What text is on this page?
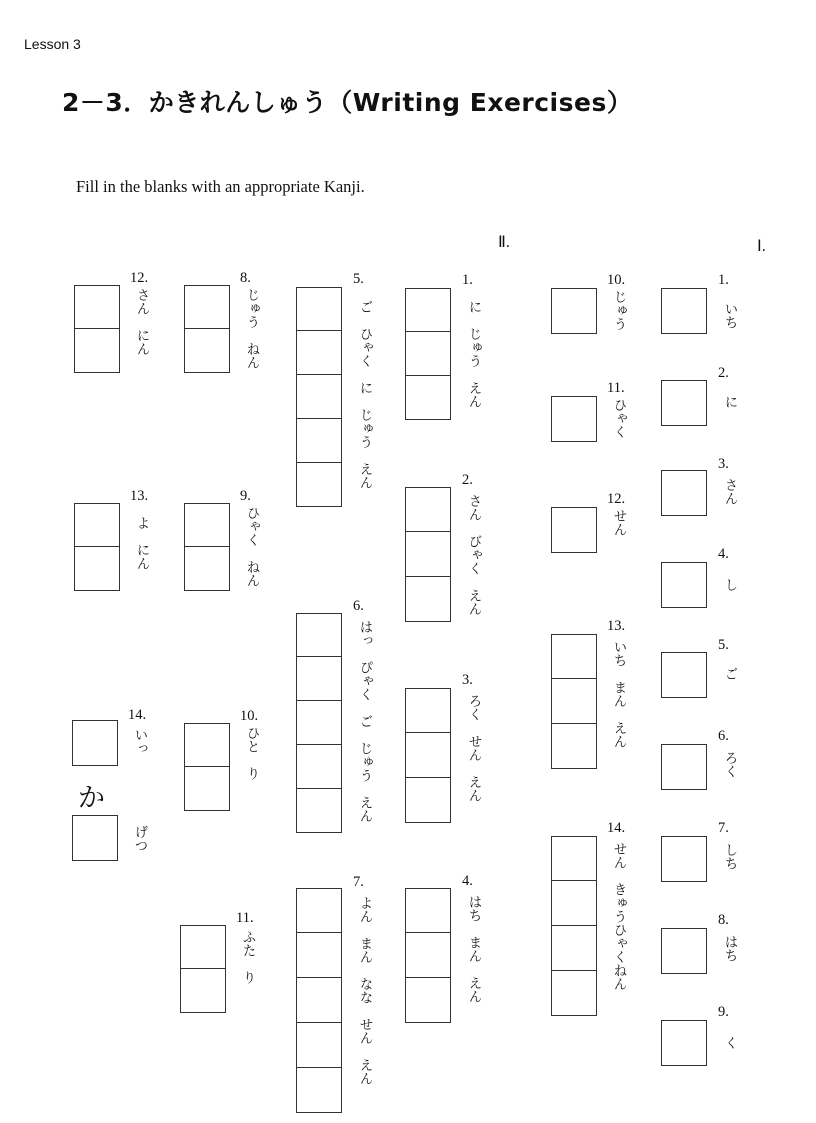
Lesson 3
2－3．かきれんしゅう（Writing Exercises）
Fill in the blanks with an appropriate Kanji.
Ⅰ.
Ⅱ.
1.
いち
2.
に
3.
さん
4.
し
5.
ご
6.
ろく
7.
しち
8.
はち
9.
く
10.
じゅう
11.
ひゃく
12.
せん
13.
いち　まん　えん
14.
せん　きゅうひゃくねん
1.
に　じゅう　えん
2.
さん　びゃく　えん
3.
ろく　せん　えん
4.
はち　まん　えん
5.
ご　ひゃく　に　じゅう　えん
6.
はっ　ぴゃく　ご　じゅう　えん
7.
よん　まん　なな　せん　えん
8.
じゅう　ねん
9.
ひゃく　ねん
10.
ひと　り
11.
ふた　り
12.
さん　にん
13.
よ　にん
14.
いっ
か
げつ
